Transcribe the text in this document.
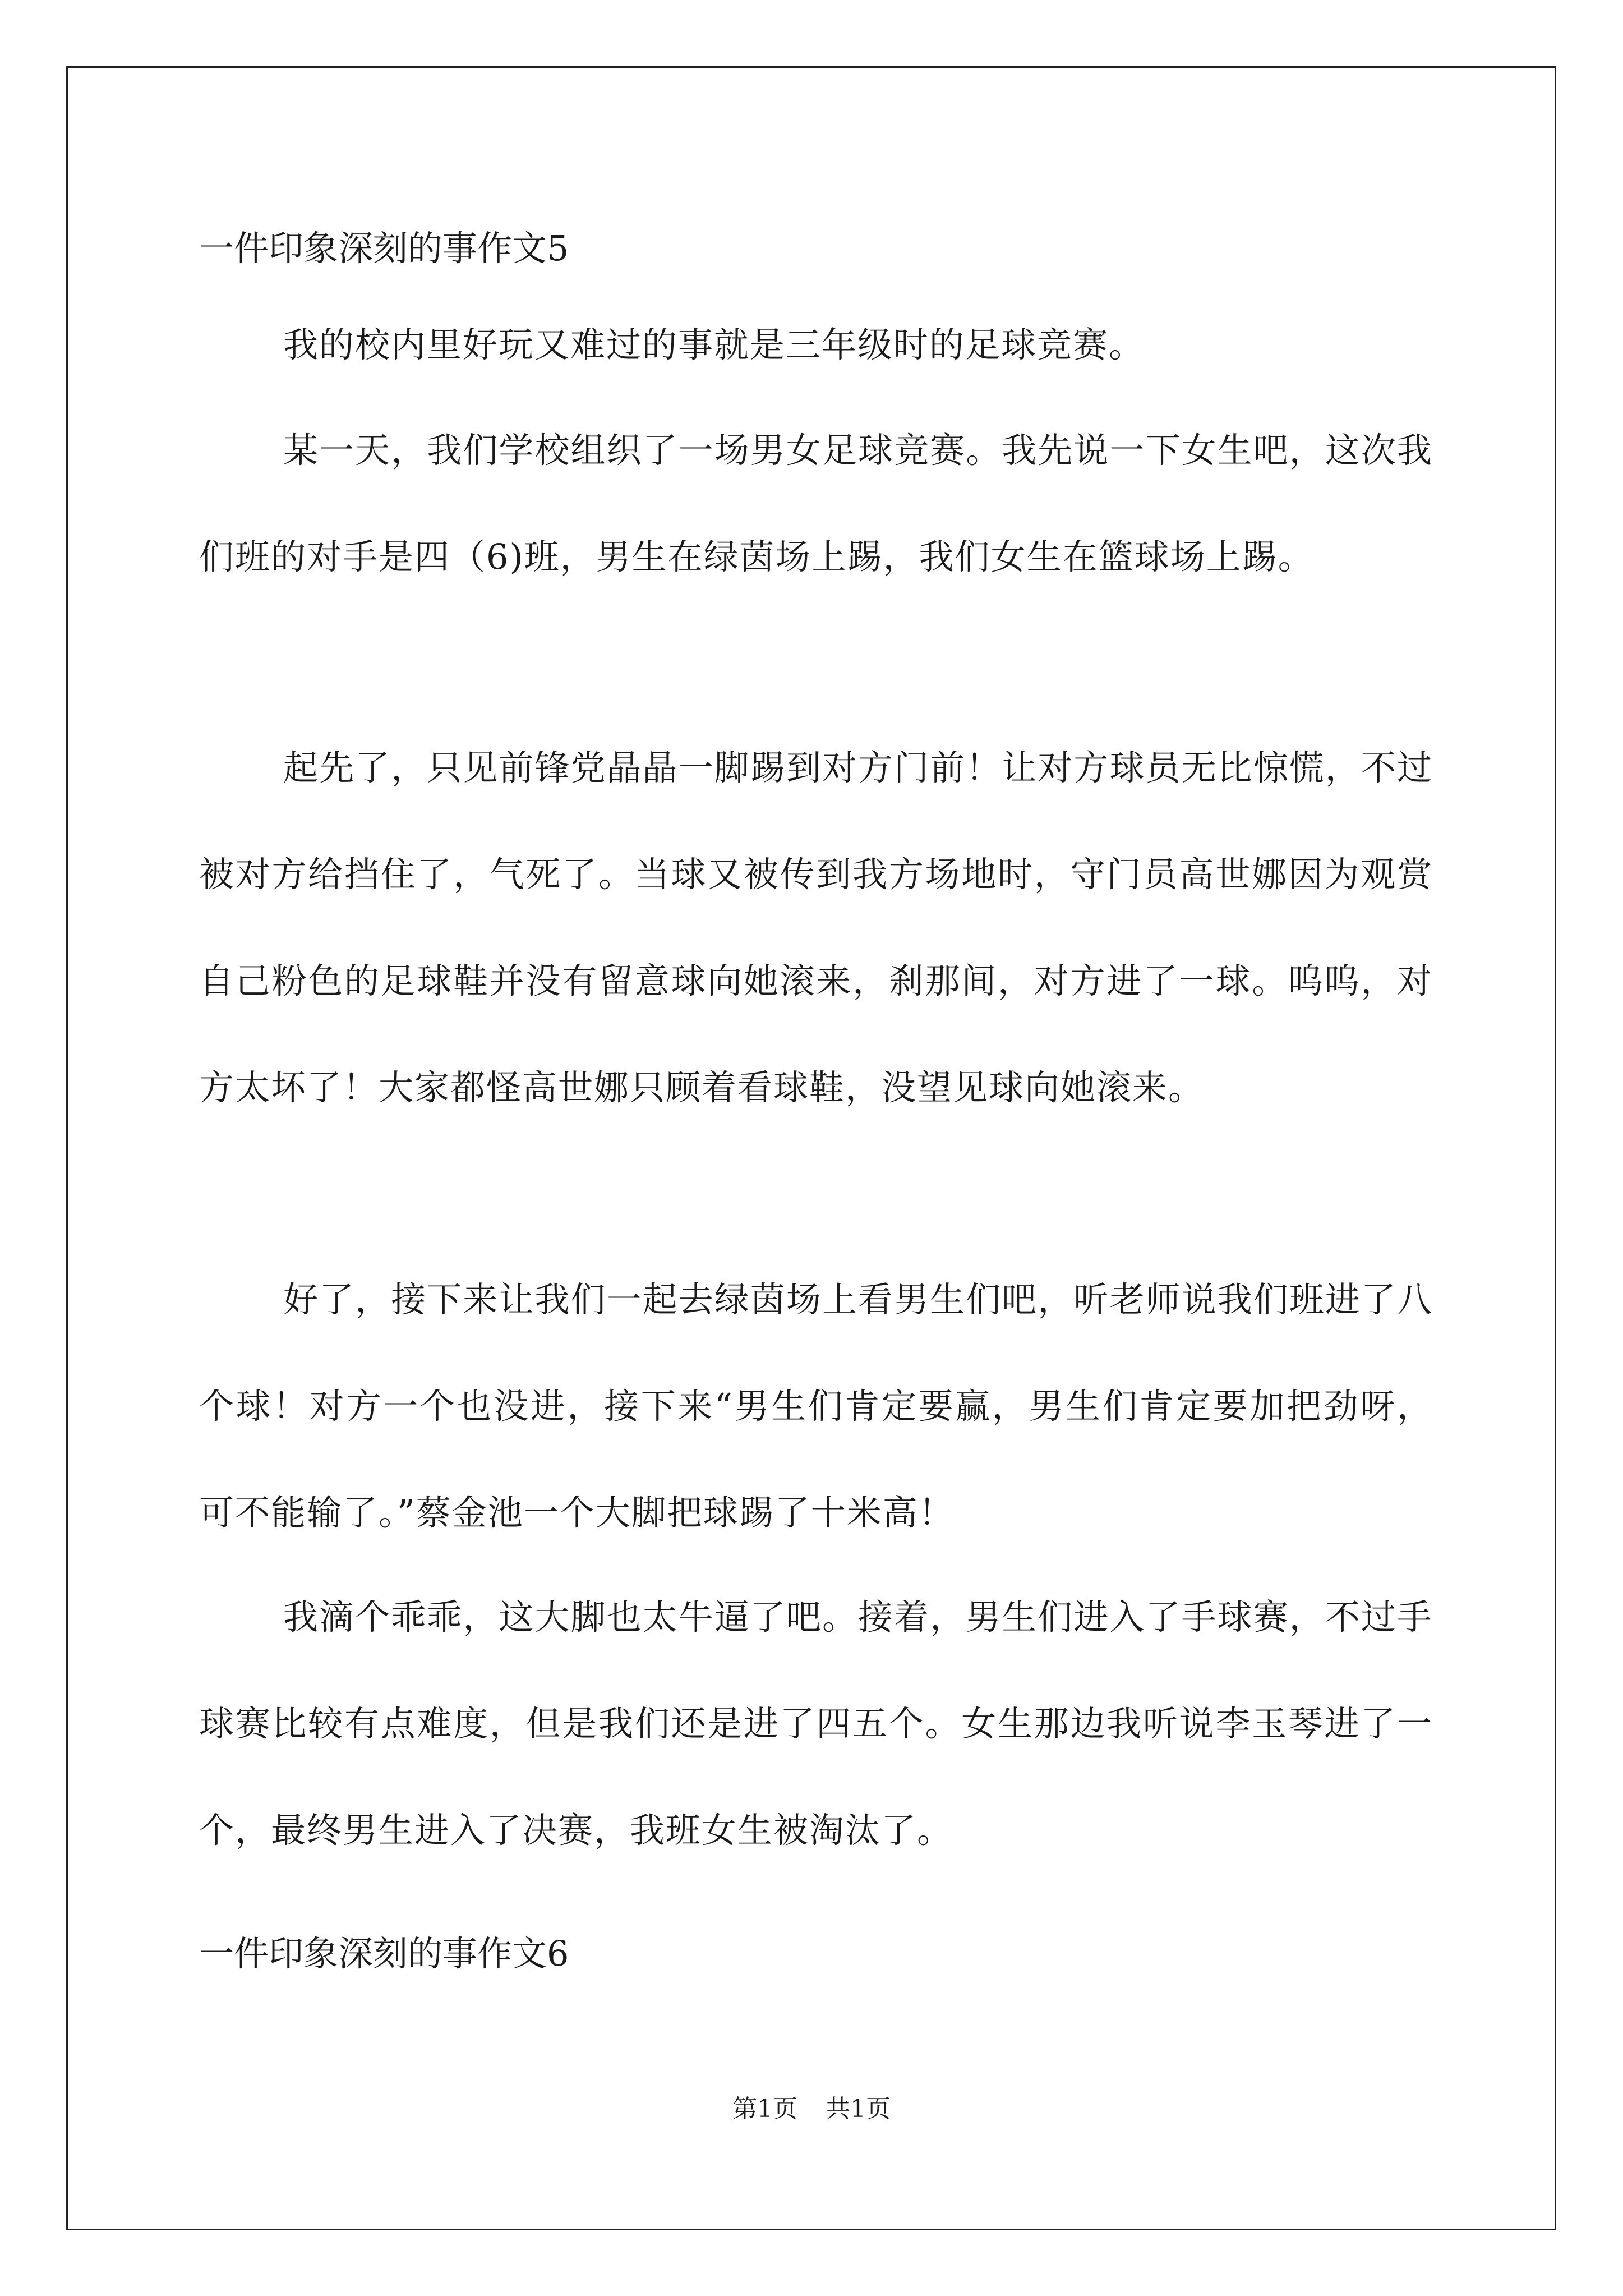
一件印象深刻的事作文5

我的校内里好玩又难过的事就是三年级时的足球竞赛。

某一天，我们学校组织了一场男女足球竞赛。我先说一下女生吧，这次我们班的对手是四（6)班，男生在绿茵场上踢，我们女生在篮球场上踢。

起先了，只见前锋党晶晶一脚踢到对方门前！让对方球员无比惊慌，不过被对方给挡住了，气死了。当球又被传到我方场地时，守门员高世娜因为观赏自己粉色的足球鞋并没有留意球向她滚来，刹那间，对方进了一球。呜呜，对方太坏了！大家都怪高世娜只顾着看球鞋，没望见球向她滚来。

好了，接下来让我们一起去绿茵场上看男生们吧，听老师说我们班进了八个球！对方一个也没进，接下来“男生们肯定要赢，男生们肯定要加把劲呀，可不能输了。”蔡金池一个大脚把球踢了十米高！

我滴个乖乖，这大脚也太牛逼了吧。接着，男生们进入了手球赛，不过手球赛比较有点难度，但是我们还是进了四五个。女生那边我听说李玉琴进了一个，最终男生进入了决赛，我班女生被淘汰了。

一件印象深刻的事作文6
第1页 共1页
